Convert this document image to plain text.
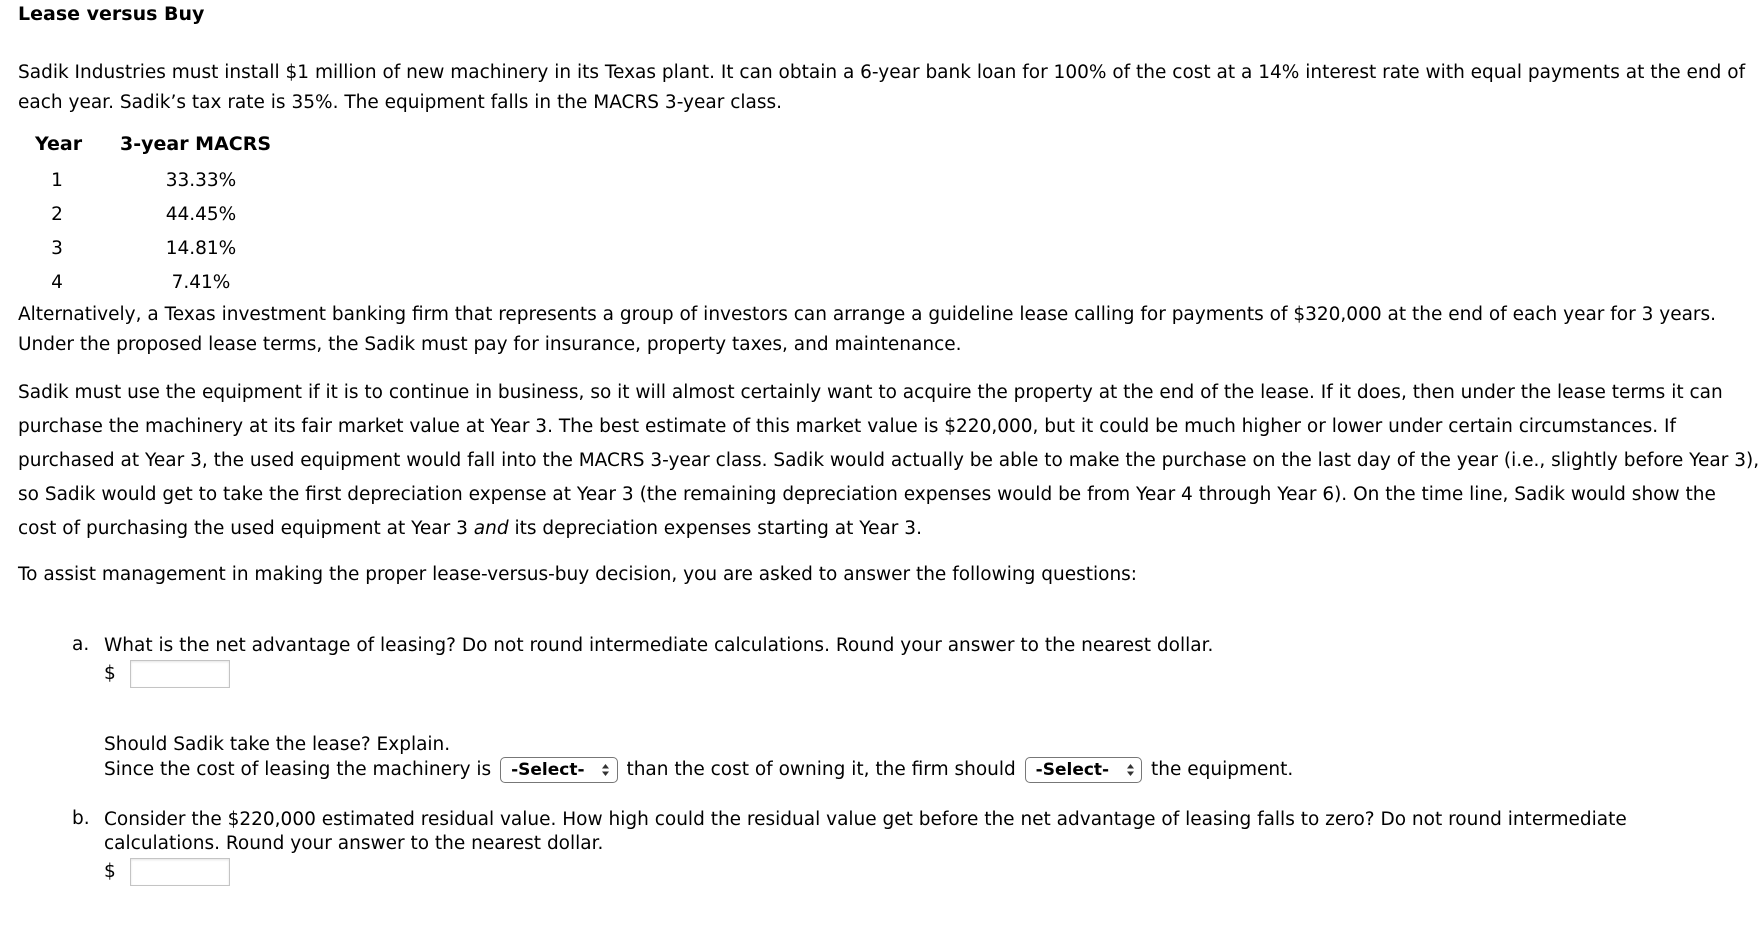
Lease versus Buy

Sadik Industries must install $1 million of new machinery in its Texas plant. It can obtain a 6-year bank loan for 100% of the cost at a 14% interest rate with equal payments at the end of each year. Sadik’s tax rate is 35%. The equipment falls in the MACRS 3-year class.

Year	3-year MACRS
1	33.33%
2	44.45%
3	14.81%
4	7.41%

Alternatively, a Texas investment banking firm that represents a group of investors can arrange a guideline lease calling for payments of $320,000 at the end of each year for 3 years. Under the proposed lease terms, the Sadik must pay for insurance, property taxes, and maintenance.

Sadik must use the equipment if it is to continue in business, so it will almost certainly want to acquire the property at the end of the lease. If it does, then under the lease terms it can purchase the machinery at its fair market value at Year 3. The best estimate of this market value is $220,000, but it could be much higher or lower under certain circumstances. If purchased at Year 3, the used equipment would fall into the MACRS 3-year class. Sadik would actually be able to make the purchase on the last day of the year (i.e., slightly before Year 3), so Sadik would get to take the first depreciation expense at Year 3 (the remaining depreciation expenses would be from Year 4 through Year 6). On the time line, Sadik would show the cost of purchasing the used equipment at Year 3 and its depreciation expenses starting at Year 3.

To assist management in making the proper lease-versus-buy decision, you are asked to answer the following questions:

a. What is the net advantage of leasing? Do not round intermediate calculations. Round your answer to the nearest dollar.
$
Should Sadik take the lease? Explain.
Since the cost of leasing the machinery is -Select- than the cost of owning it, the firm should -Select- the equipment.
b. Consider the $220,000 estimated residual value. How high could the residual value get before the net advantage of leasing falls to zero? Do not round intermediate calculations. Round your answer to the nearest dollar.
$
